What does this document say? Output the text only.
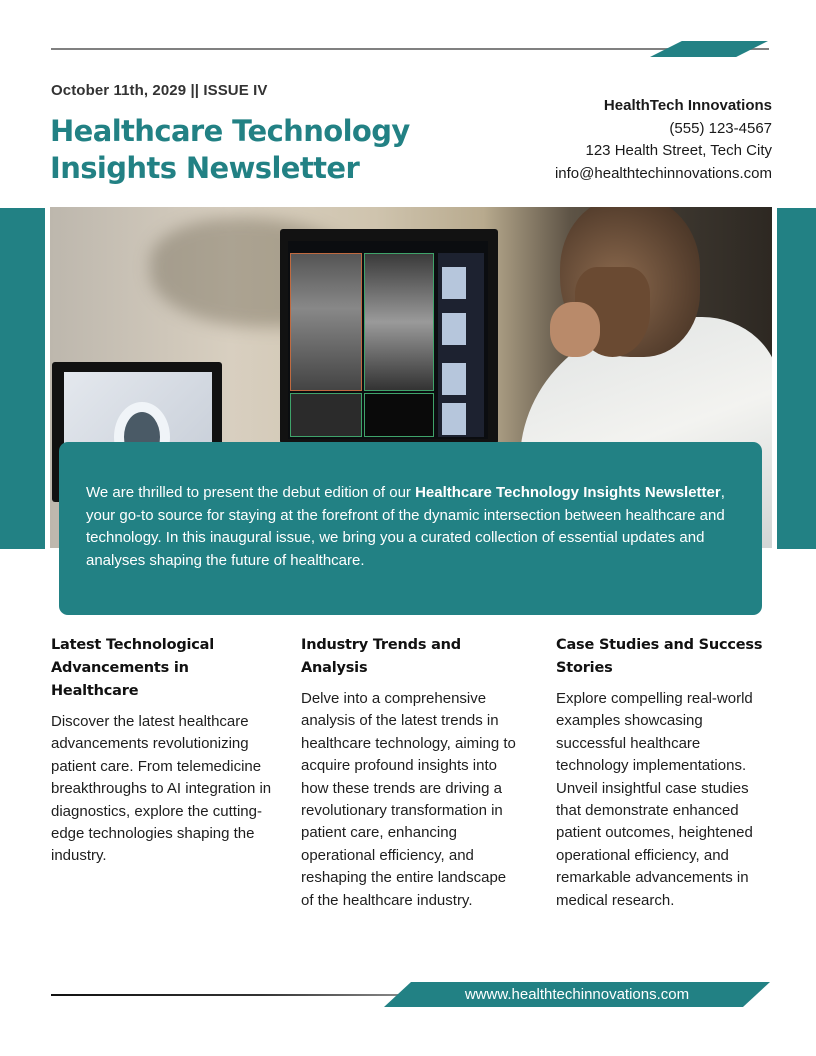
October 11th, 2029 || ISSUE IV
Healthcare Technology
Insights Newsletter
HealthTech Innovations
(555) 123-4567
123 Health Street, Tech City
info@healthtechinnovations.com

We are thrilled to present the debut edition of our Healthcare Technology Insights Newsletter, your go-to source for staying at the forefront of the dynamic intersection between healthcare and technology. In this inaugural issue, we bring you a curated collection of essential updates and analyses shaping the future of healthcare.

Latest Technological Advancements in Healthcare

Discover the latest healthcare advancements revolutionizing patient care. From telemedicine breakthroughs to AI integration in diagnostics, explore the cutting-edge technologies shaping the industry.

Industry Trends and Analysis

Delve into a comprehensive analysis of the latest trends in healthcare technology, aiming to acquire profound insights into how these trends are driving a revolutionary transformation in patient care, enhancing operational efficiency, and reshaping the entire landscape of the healthcare industry.

Case Studies and Success Stories

Explore compelling real-world examples showcasing successful healthcare technology implementations. Unveil insightful case studies that demonstrate enhanced patient outcomes, heightened operational efficiency, and remarkable advancements in medical research.

wwww.healthtechinnovations.com
